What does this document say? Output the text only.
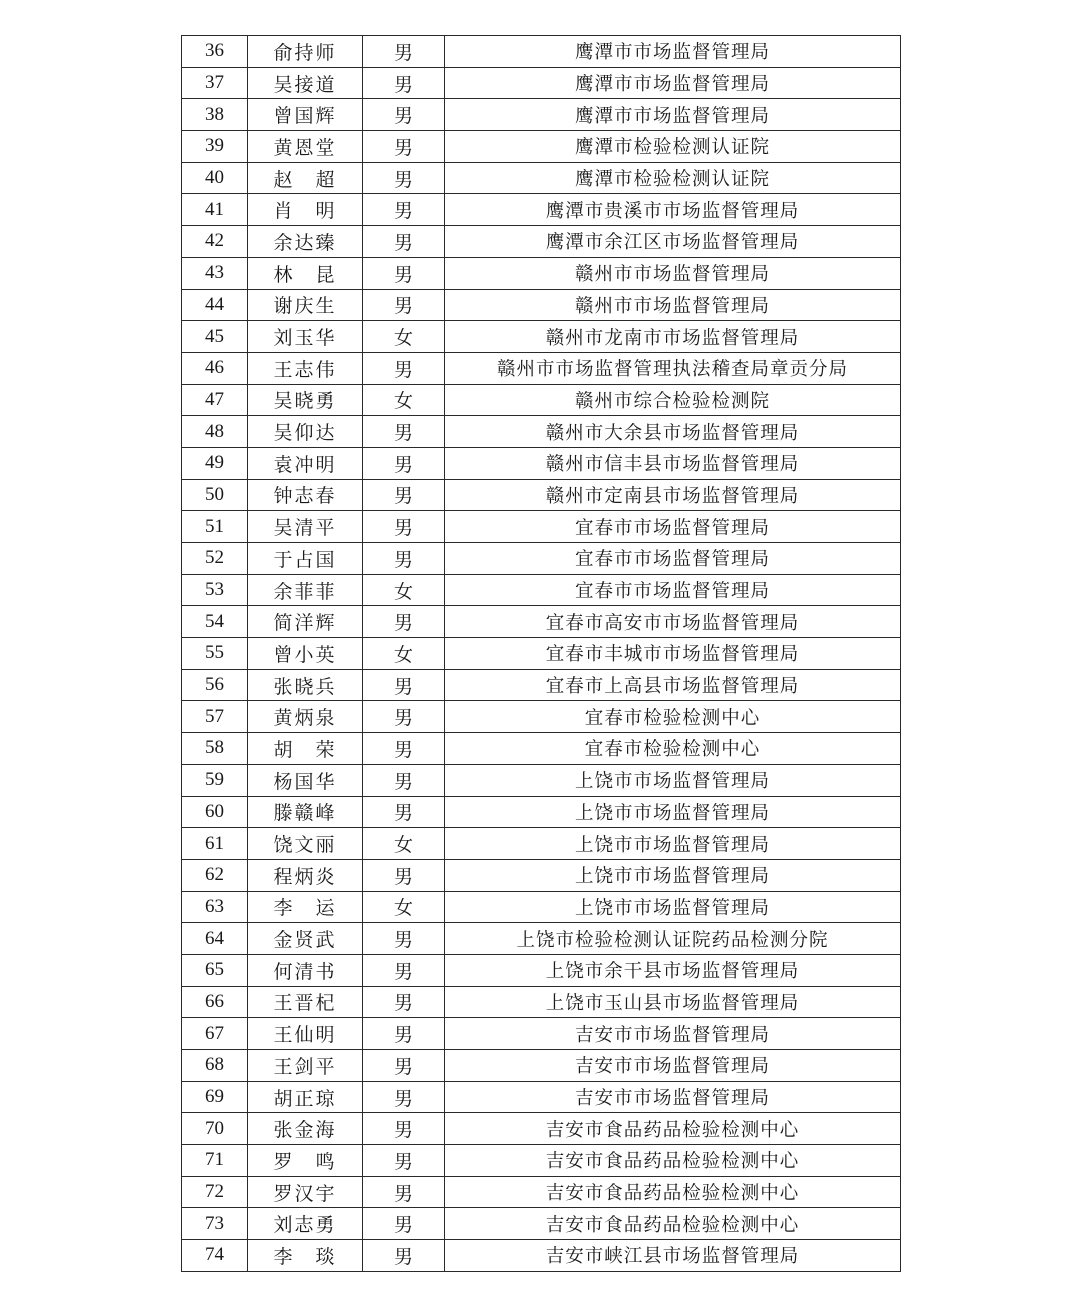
36	俞持师	男	鹰潭市市场监督管理局
37	吴接道	男	鹰潭市市场监督管理局
38	曾国辉	男	鹰潭市市场监督管理局
39	黄恩堂	男	鹰潭市检验检测认证院
40	赵　超	男	鹰潭市检验检测认证院
41	肖　明	男	鹰潭市贵溪市市场监督管理局
42	余达臻	男	鹰潭市余江区市场监督管理局
43	林　昆	男	赣州市市场监督管理局
44	谢庆生	男	赣州市市场监督管理局
45	刘玉华	女	赣州市龙南市市场监督管理局
46	王志伟	男	赣州市市场监督管理执法稽查局章贡分局
47	吴晓勇	女	赣州市综合检验检测院
48	吴仰达	男	赣州市大余县市场监督管理局
49	袁冲明	男	赣州市信丰县市场监督管理局
50	钟志春	男	赣州市定南县市场监督管理局
51	吴清平	男	宜春市市场监督管理局
52	于占国	男	宜春市市场监督管理局
53	余菲菲	女	宜春市市场监督管理局
54	简洋辉	男	宜春市高安市市场监督管理局
55	曾小英	女	宜春市丰城市市场监督管理局
56	张晓兵	男	宜春市上高县市场监督管理局
57	黄炳泉	男	宜春市检验检测中心
58	胡　荣	男	宜春市检验检测中心
59	杨国华	男	上饶市市场监督管理局
60	滕赣峰	男	上饶市市场监督管理局
61	饶文丽	女	上饶市市场监督管理局
62	程炳炎	男	上饶市市场监督管理局
63	李　运	女	上饶市市场监督管理局
64	金贤武	男	上饶市检验检测认证院药品检测分院
65	何清书	男	上饶市余干县市场监督管理局
66	王晋杞	男	上饶市玉山县市场监督管理局
67	王仙明	男	吉安市市场监督管理局
68	王剑平	男	吉安市市场监督管理局
69	胡正琼	男	吉安市市场监督管理局
70	张金海	男	吉安市食品药品检验检测中心
71	罗　鸣	男	吉安市食品药品检验检测中心
72	罗汉宇	男	吉安市食品药品检验检测中心
73	刘志勇	男	吉安市食品药品检验检测中心
74	李　琰	男	吉安市峡江县市场监督管理局
